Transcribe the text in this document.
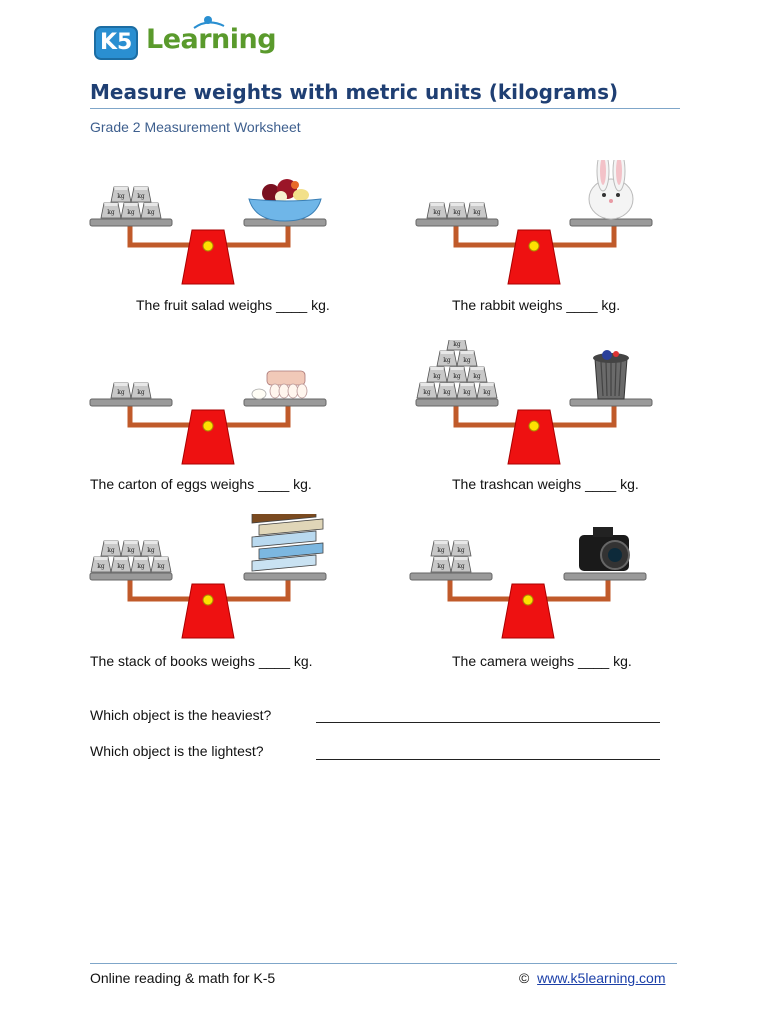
K5 Learning
Measure weights with metric units (kilograms)
Grade 2 Measurement Worksheet
kg kg kg
kg kg
kg kg kg
kg kg	kg kg kg kg
kg kg kg
kg kg
kg
kg kg kg kg
kg kg kg
kg kg
kg kg
The fruit salad weighs ____ kg.	The rabbit weighs ____ kg.
The carton of eggs weighs ____ kg.	The trashcan weighs ____ kg.
The stack of books weighs ____ kg.	The camera weighs ____ kg.
Which object is the heaviest?
Which object is the lightest?
Online reading & math for K-5	© www.k5learning.com
